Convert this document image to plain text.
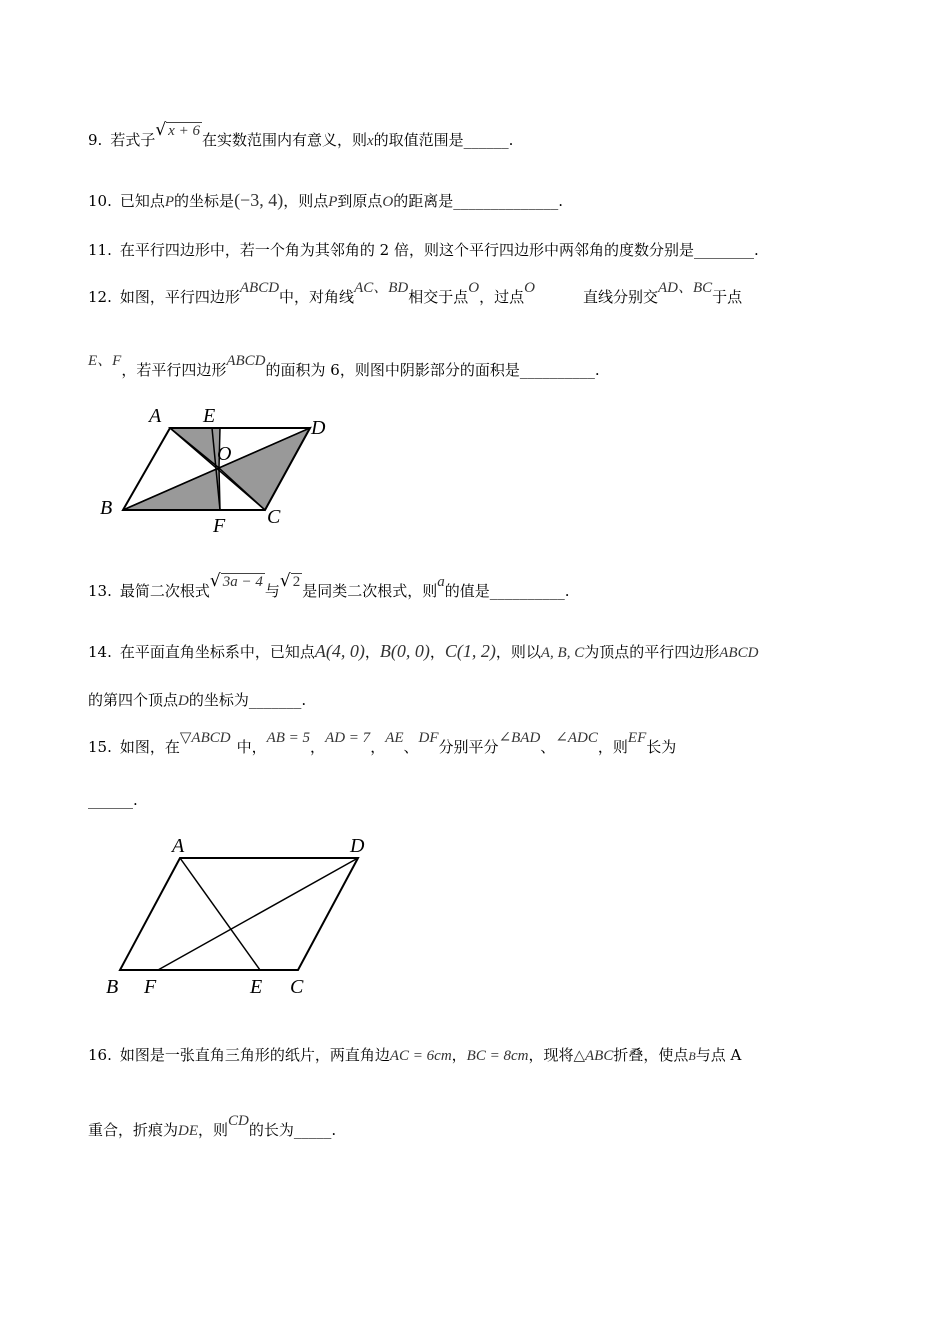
9. 若式子√ x + 6 在实数范围内有意义，则x的取值范围是______.
10. 已知点P的坐标是(−3, 4)，则点P到原点O的距离是______________.
11. 在平行四边形中，若一个角为其邻角的 2 倍，则这个平行四边形中两邻角的度数分别是________.
12. 如图，平行四边形ABCD中，对角线AC、BD相交于点O，过点O	直线分别交AD、BC于点
E、F，若平行四边形ABCD的面积为 6，则图中阴影部分的面积是__________.
A E
D
O
B
F C
13. 最简二次根式√ 3a − 4 与√ 2 是同类二次根式，则a的值是__________.
14. 在平面直角坐标系中，已知点A(4, 0)，B(0, 0)，C(1, 2)，则以A, B, C为顶点的平行四边形ABCD
的第四个顶点D的坐标为_______.
15. 如图，在▽ABCD 中，AB = 5，AD = 7，AE、DF分别平分∠BAD、∠ADC，则EF长为
______.
A	D
B F	E C
16. 如图是一张直角三角形的纸片，两直角边AC = 6cm，BC = 8cm，现将△ABC折叠，使点B与点 A
重合，折痕为DE，则CD的长为_____.
